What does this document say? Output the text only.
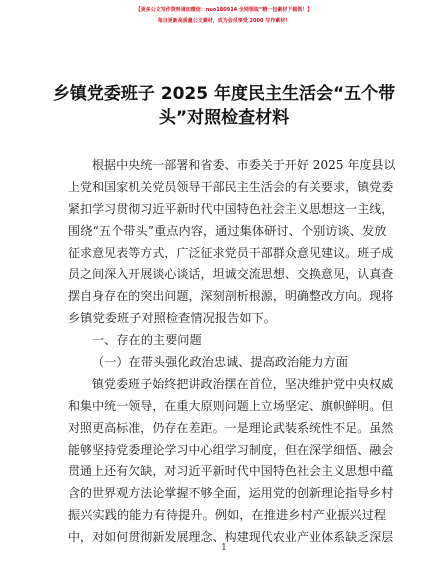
【更多公文写作资料请加微信：nuo180914 全网领取“精一包素材下载领！】
每日更新高质量公文素材，成为会员享受 2000 写作素材！
乡镇党委班子 2025 年度民主生活会“五个带
头”对照检查材料
根据中央统一部署和省委、市委关于开好 2025 年度县以
上党和国家机关党员领导干部民主生活会的有关要求，镇党委
紧扣学习贯彻习近平新时代中国特色社会主义思想这一主线，
围绕“五个带头”重点内容，通过集体研讨、个别访谈、发放
征求意见表等方式，广泛征求党员干部群众意见建议。班子成
员之间深入开展谈心谈话，坦诚交流思想、交换意见，认真查
摆自身存在的突出问题，深刻剖析根源，明确整改方向。现将
乡镇党委班子对照检查情况报告如下。
一、存在的主要问题
（一）在带头强化政治忠诚、提高政治能力方面
镇党委班子始终把讲政治摆在首位，坚决维护党中央权威
和集中统一领导，在重大原则问题上立场坚定、旗帜鲜明。但
对照更高标准，仍存在差距。一是理论武装系统性不足。虽然
能够坚持党委理论学习中心组学习制度，但在深学细悟、融会
贯通上还有欠缺，对习近平新时代中国特色社会主义思想中蕴
含的世界观方法论掌握不够全面，运用党的创新理论指导乡村
振兴实践的能力有待提升。例如，在推进乡村产业振兴过程
中，对如何贯彻新发展理念、构建现代农业产业体系缺乏深层
1
